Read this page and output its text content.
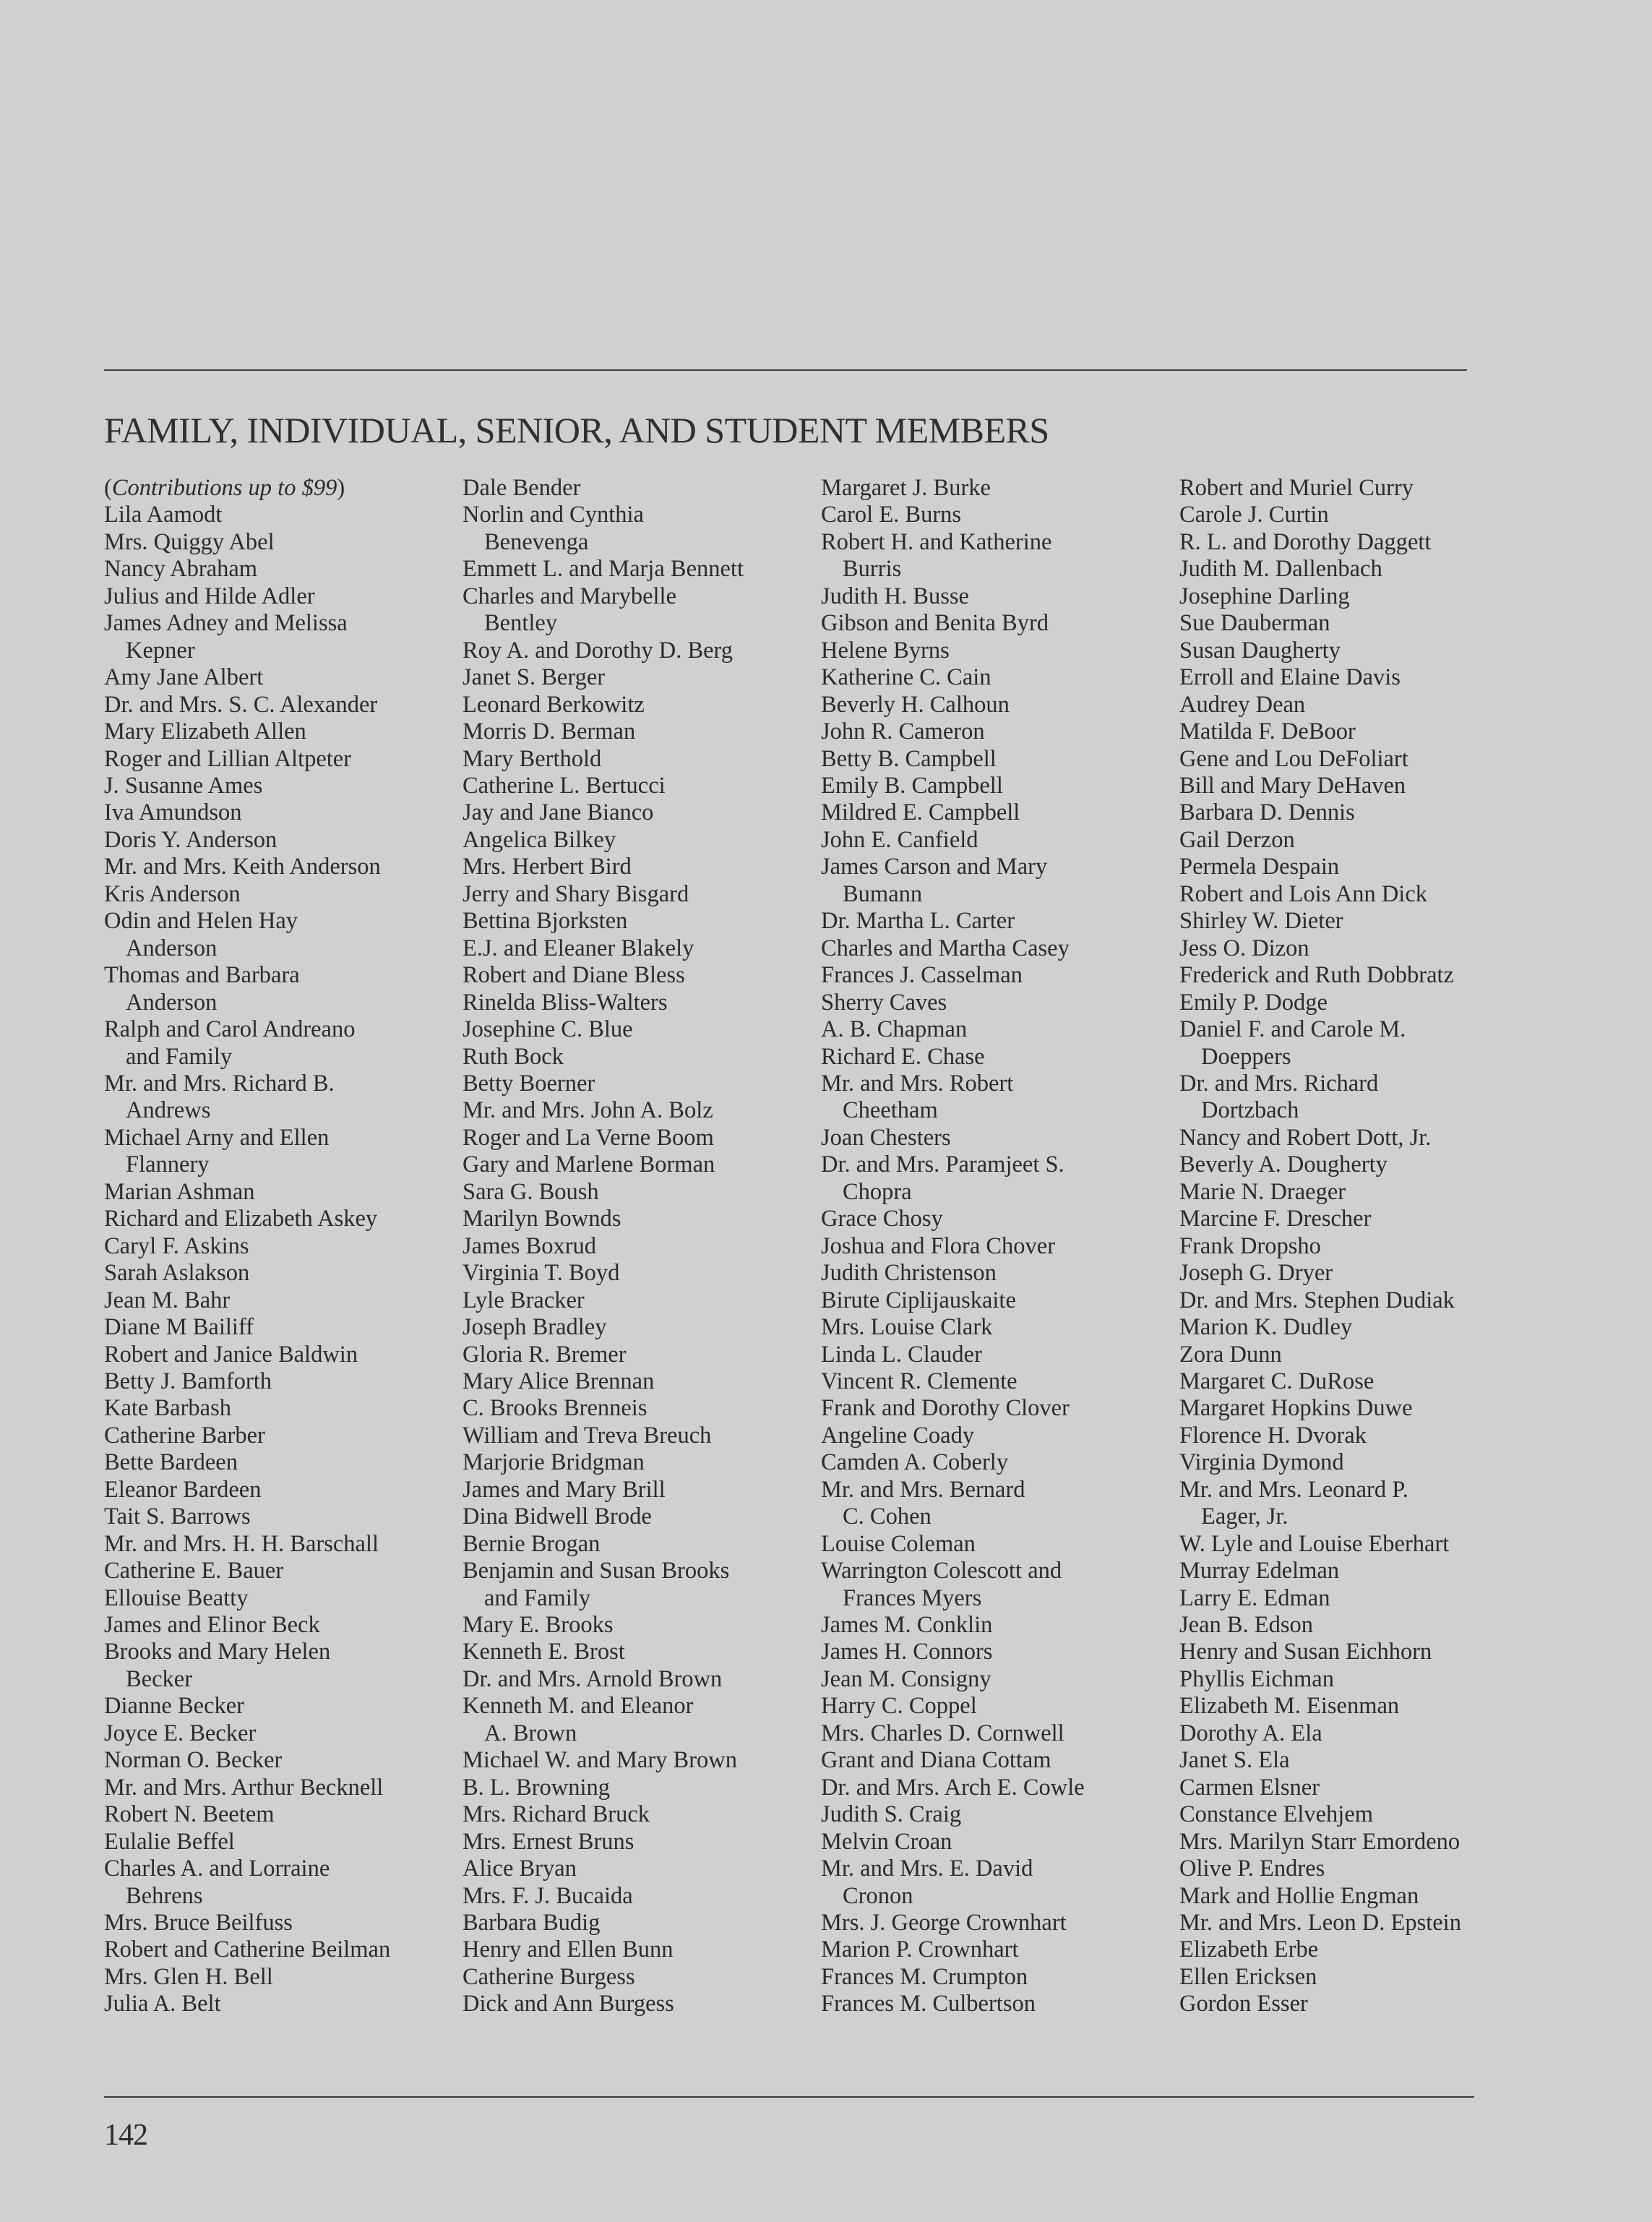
FAMILY, INDIVIDUAL, SENIOR, AND STUDENT MEMBERS
(Contributions up to $99)
Lila Aamodt
Mrs. Quiggy Abel
Nancy Abraham
Julius and Hilde Adler
James Adney and Melissa
Kepner
Amy Jane Albert
Dr. and Mrs. S. C. Alexander
Mary Elizabeth Allen
Roger and Lillian Altpeter
J. Susanne Ames
Iva Amundson
Doris Y. Anderson
Mr. and Mrs. Keith Anderson
Kris Anderson
Odin and Helen Hay
Anderson
Thomas and Barbara
Anderson
Ralph and Carol Andreano
and Family
Mr. and Mrs. Richard B.
Andrews
Michael Arny and Ellen
Flannery
Marian Ashman
Richard and Elizabeth Askey
Caryl F. Askins
Sarah Aslakson
Jean M. Bahr
Diane M Bailiff
Robert and Janice Baldwin
Betty J. Bamforth
Kate Barbash
Catherine Barber
Bette Bardeen
Eleanor Bardeen
Tait S. Barrows
Mr. and Mrs. H. H. Barschall
Catherine E. Bauer
Ellouise Beatty
James and Elinor Beck
Brooks and Mary Helen
Becker
Dianne Becker
Joyce E. Becker
Norman O. Becker
Mr. and Mrs. Arthur Becknell
Robert N. Beetem
Eulalie Beffel
Charles A. and Lorraine
Behrens
Mrs. Bruce Beilfuss
Robert and Catherine Beilman
Mrs. Glen H. Bell
Julia A. Belt
Dale Bender
Norlin and Cynthia
Benevenga
Emmett L. and Marja Bennett
Charles and Marybelle
Bentley
Roy A. and Dorothy D. Berg
Janet S. Berger
Leonard Berkowitz
Morris D. Berman
Mary Berthold
Catherine L. Bertucci
Jay and Jane Bianco
Angelica Bilkey
Mrs. Herbert Bird
Jerry and Shary Bisgard
Bettina Bjorksten
E.J. and Eleaner Blakely
Robert and Diane Bless
Rinelda Bliss-Walters
Josephine C. Blue
Ruth Bock
Betty Boerner
Mr. and Mrs. John A. Bolz
Roger and La Verne Boom
Gary and Marlene Borman
Sara G. Boush
Marilyn Bownds
James Boxrud
Virginia T. Boyd
Lyle Bracker
Joseph Bradley
Gloria R. Bremer
Mary Alice Brennan
C. Brooks Brenneis
William and Treva Breuch
Marjorie Bridgman
James and Mary Brill
Dina Bidwell Brode
Bernie Brogan
Benjamin and Susan Brooks
and Family
Mary E. Brooks
Kenneth E. Brost
Dr. and Mrs. Arnold Brown
Kenneth M. and Eleanor
A. Brown
Michael W. and Mary Brown
B. L. Browning
Mrs. Richard Bruck
Mrs. Ernest Bruns
Alice Bryan
Mrs. F. J. Bucaida
Barbara Budig
Henry and Ellen Bunn
Catherine Burgess
Dick and Ann Burgess
Margaret J. Burke
Carol E. Burns
Robert H. and Katherine
Burris
Judith H. Busse
Gibson and Benita Byrd
Helene Byrns
Katherine C. Cain
Beverly H. Calhoun
John R. Cameron
Betty B. Campbell
Emily B. Campbell
Mildred E. Campbell
John E. Canfield
James Carson and Mary
Bumann
Dr. Martha L. Carter
Charles and Martha Casey
Frances J. Casselman
Sherry Caves
A. B. Chapman
Richard E. Chase
Mr. and Mrs. Robert
Cheetham
Joan Chesters
Dr. and Mrs. Paramjeet S.
Chopra
Grace Chosy
Joshua and Flora Chover
Judith Christenson
Birute Ciplijauskaite
Mrs. Louise Clark
Linda L. Clauder
Vincent R. Clemente
Frank and Dorothy Clover
Angeline Coady
Camden A. Coberly
Mr. and Mrs. Bernard
C. Cohen
Louise Coleman
Warrington Colescott and
Frances Myers
James M. Conklin
James H. Connors
Jean M. Consigny
Harry C. Coppel
Mrs. Charles D. Cornwell
Grant and Diana Cottam
Dr. and Mrs. Arch E. Cowle
Judith S. Craig
Melvin Croan
Mr. and Mrs. E. David
Cronon
Mrs. J. George Crownhart
Marion P. Crownhart
Frances M. Crumpton
Frances M. Culbertson
Robert and Muriel Curry
Carole J. Curtin
R. L. and Dorothy Daggett
Judith M. Dallenbach
Josephine Darling
Sue Dauberman
Susan Daugherty
Erroll and Elaine Davis
Audrey Dean
Matilda F. DeBoor
Gene and Lou DeFoliart
Bill and Mary DeHaven
Barbara D. Dennis
Gail Derzon
Permela Despain
Robert and Lois Ann Dick
Shirley W. Dieter
Jess O. Dizon
Frederick and Ruth Dobbratz
Emily P. Dodge
Daniel F. and Carole M.
Doeppers
Dr. and Mrs. Richard
Dortzbach
Nancy and Robert Dott, Jr.
Beverly A. Dougherty
Marie N. Draeger
Marcine F. Drescher
Frank Dropsho
Joseph G. Dryer
Dr. and Mrs. Stephen Dudiak
Marion K. Dudley
Zora Dunn
Margaret C. DuRose
Margaret Hopkins Duwe
Florence H. Dvorak
Virginia Dymond
Mr. and Mrs. Leonard P.
Eager, Jr.
W. Lyle and Louise Eberhart
Murray Edelman
Larry E. Edman
Jean B. Edson
Henry and Susan Eichhorn
Phyllis Eichman
Elizabeth M. Eisenman
Dorothy A. Ela
Janet S. Ela
Carmen Elsner
Constance Elvehjem
Mrs. Marilyn Starr Emordeno
Olive P. Endres
Mark and Hollie Engman
Mr. and Mrs. Leon D. Epstein
Elizabeth Erbe
Ellen Ericksen
Gordon Esser
142
